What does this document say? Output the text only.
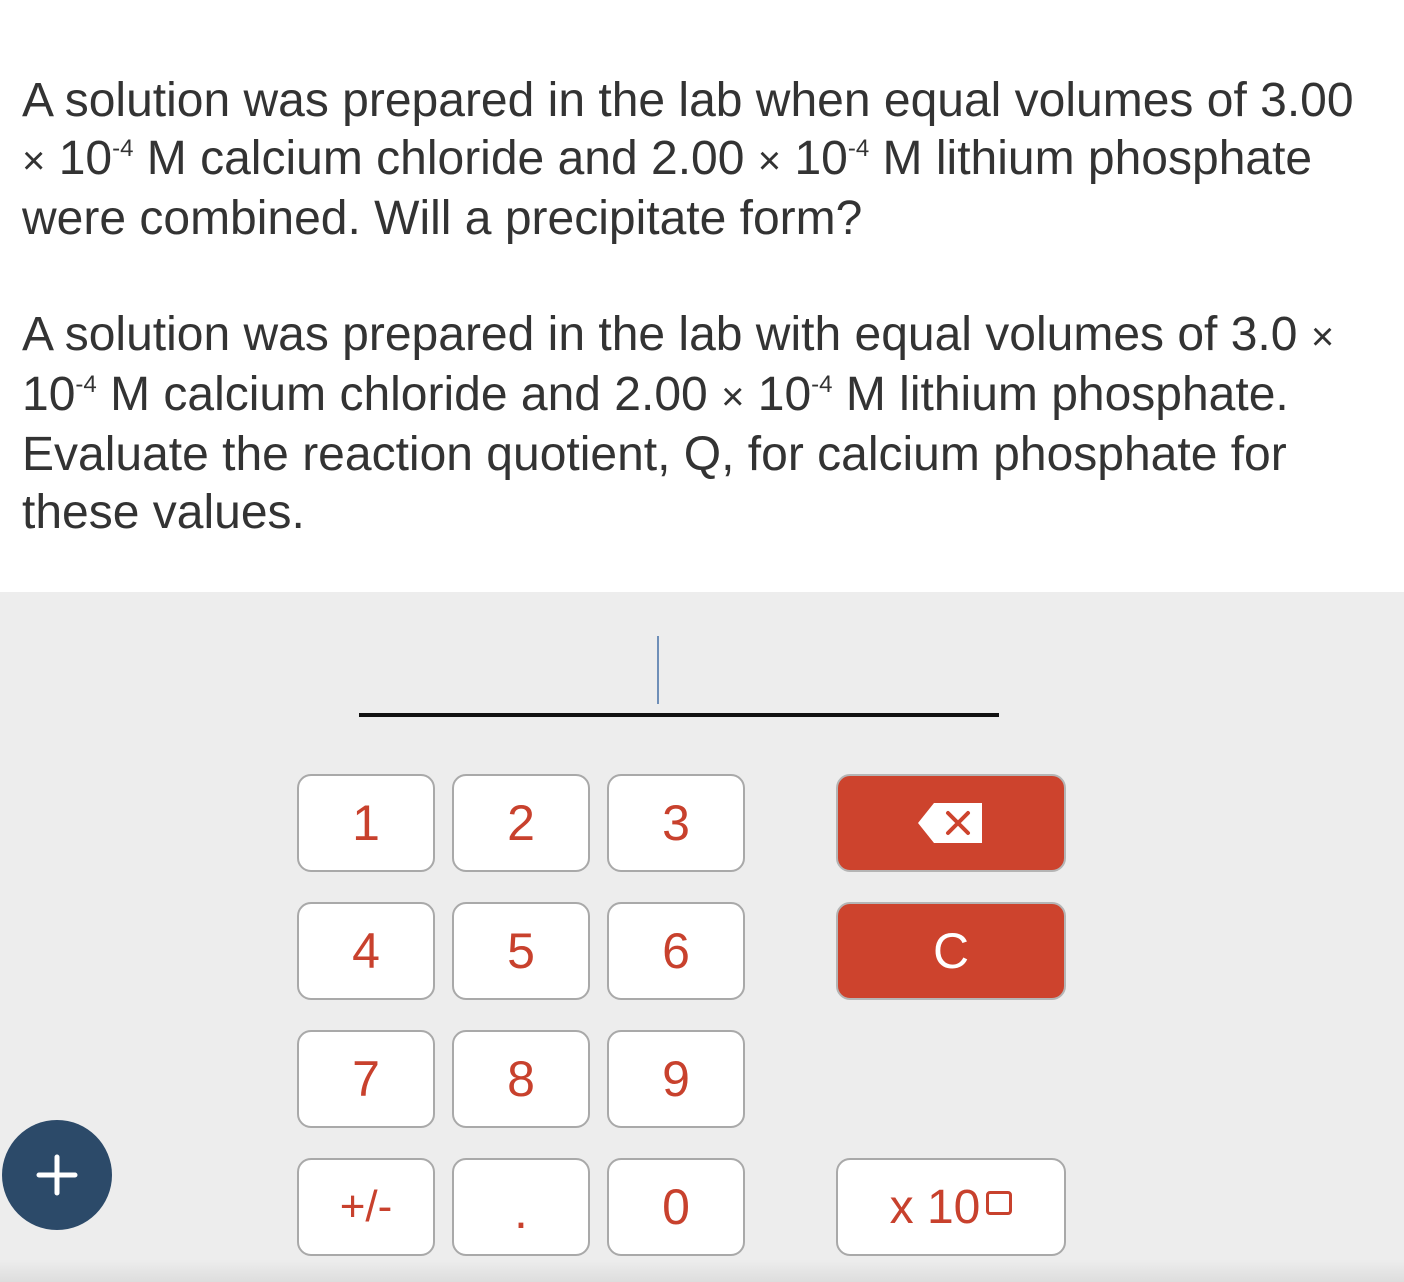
A solution was prepared in the lab when equal volumes of $3.00 \times 10^{-4}$ M calcium chloride and $2.00 \times 10^{-4}$ M lithium phosphate were combined. Will a precipitate form?

A solution was prepared in the lab with equal volumes of $3.0 \times 10^{-4}$ M calcium chloride and $2.00 \times 10^{-4}$ M lithium phosphate. Evaluate the reaction quotient, Q, for calcium phosphate for these values.

1	2	3
4	5	6	C
7	8	9
+/-	.	0	x 10
